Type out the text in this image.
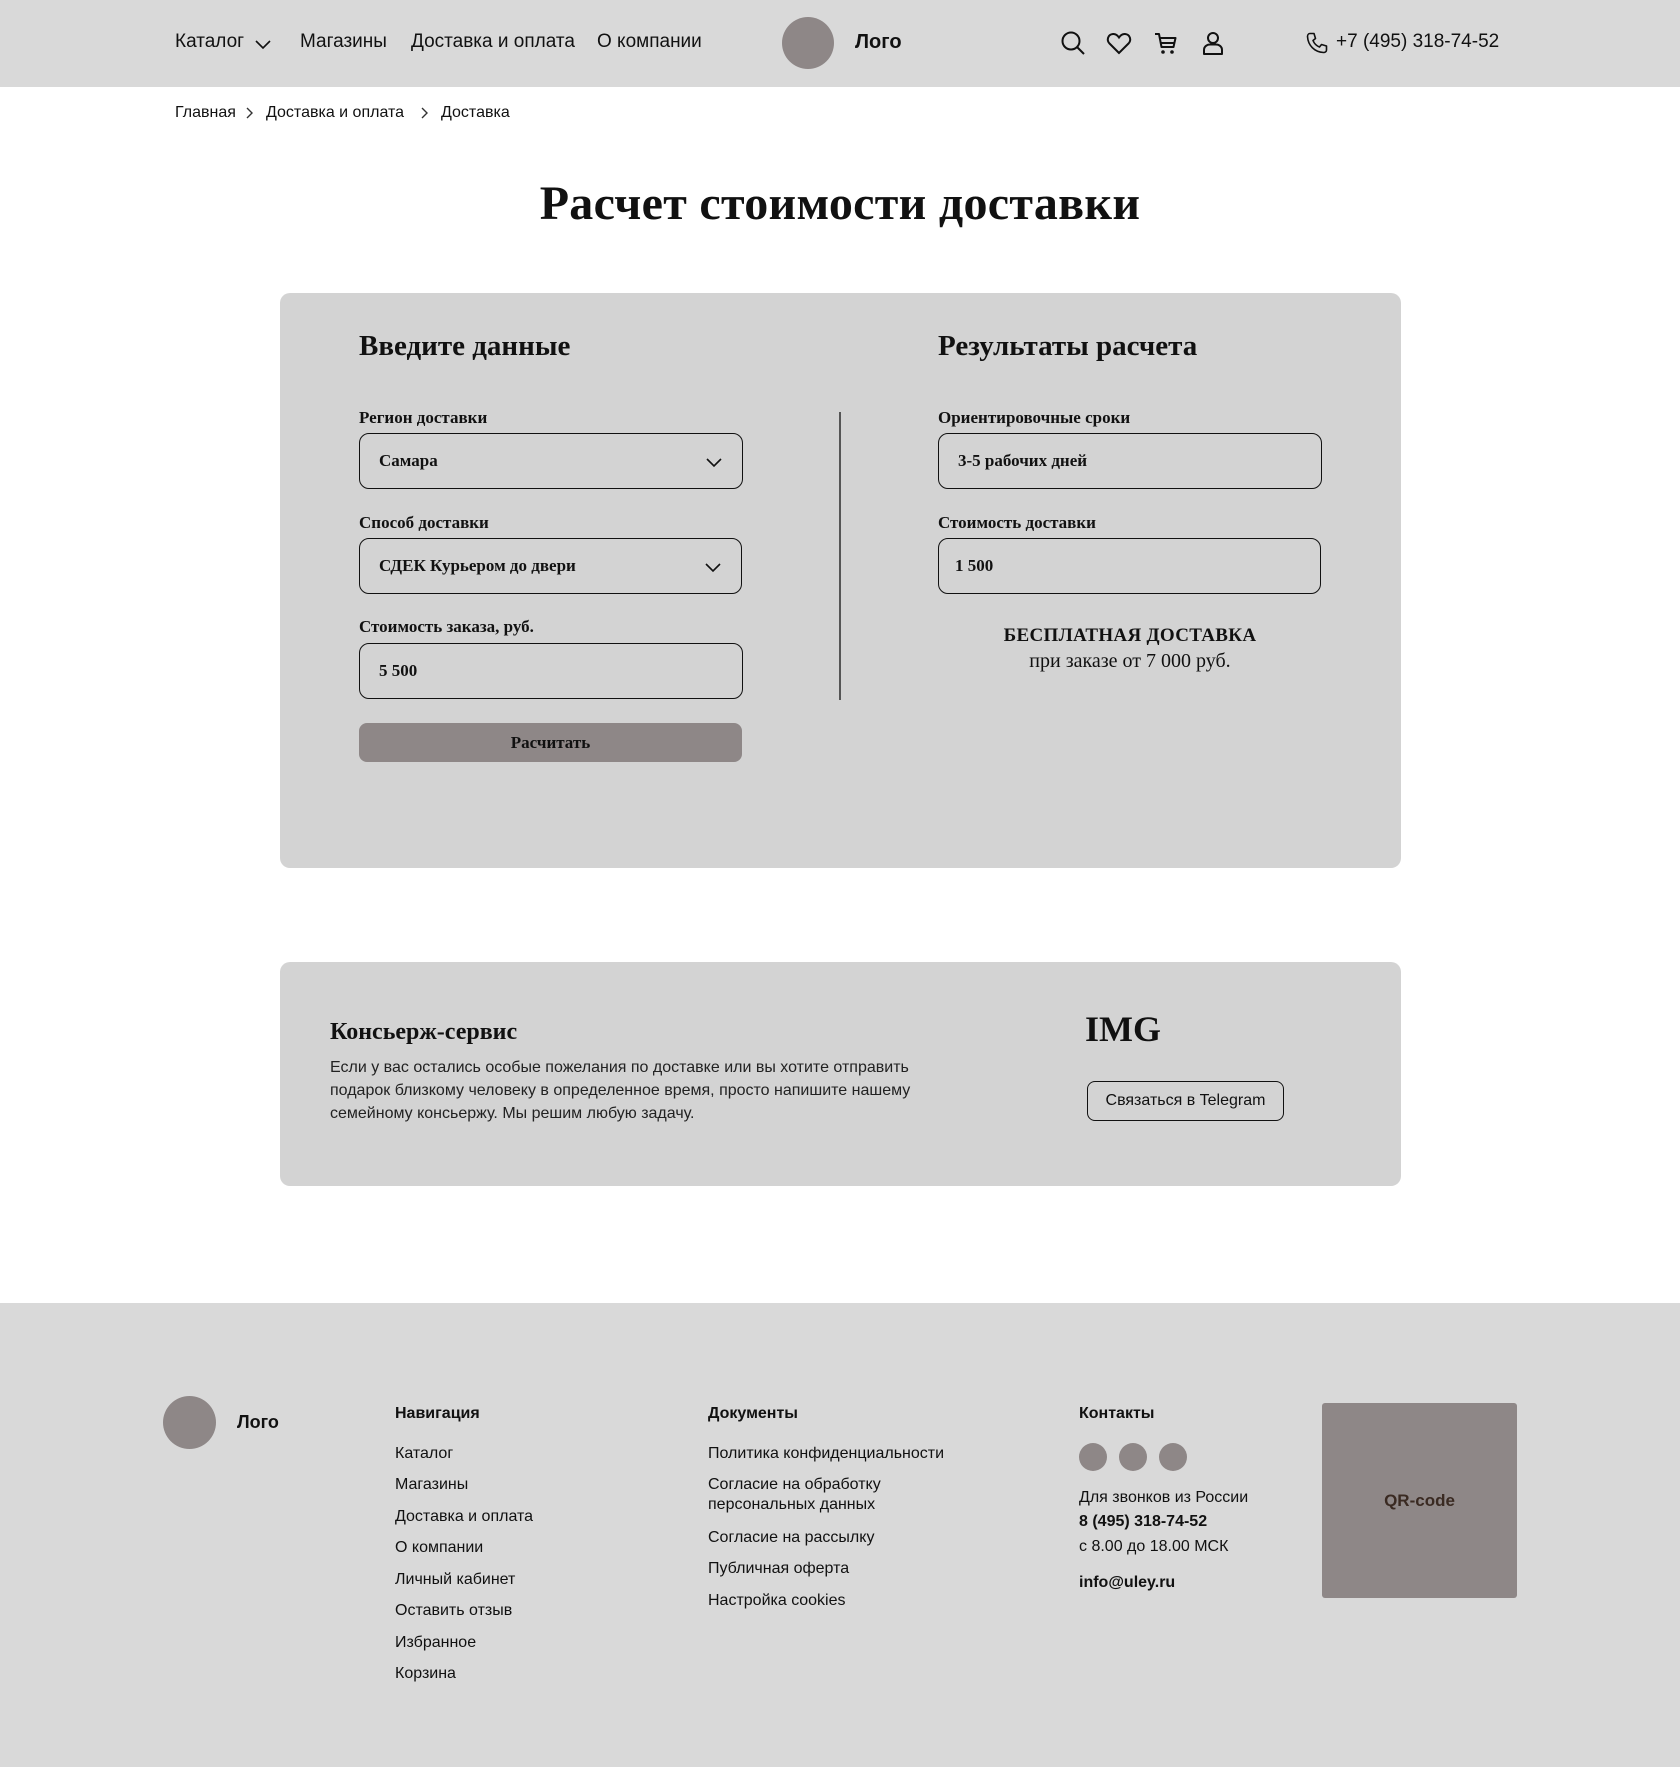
Каталог	Магазины Доставка и оплата О компании	Лого	+7 (495) 318-74-52
Главная Доставка и оплата Доставка
Расчет стоимости доставки
Введите данные
Регион доставки
Самара
Способ доставки
СДЕК Курьером до двери
Стоимость заказа, руб.
5 500
Расчитать
Результаты расчета
Ориентировочные сроки
3-5 рабочих дней
Стоимость доставки
1 500
БЕСПЛАТНАЯ ДОСТАВКА
при заказе от 7 000 руб.
Консьерж-сервис

Если у вас остались особые пожелания по доставке или вы хотите отправить подарок близкому человеку в определенное время, просто напишите нашему семейному консьержу. Мы решим любую задачу.

IMG
Связаться в Telegram
Лого	Навигация
Каталог
Магазины
Доставка и оплата
О компании
Личный кабинет
Оставить отзыв
Избранное
Корзина
Документы
Политика конфиденциальности
Согласие на обработку
персональных данных
Согласие на рассылку
Публичная оферта
Настройка cookies
Контакты
Для звонков из России
8 (495) 318-74-52
с 8.00 до 18.00 МСК
info@uley.ru
QR-code
